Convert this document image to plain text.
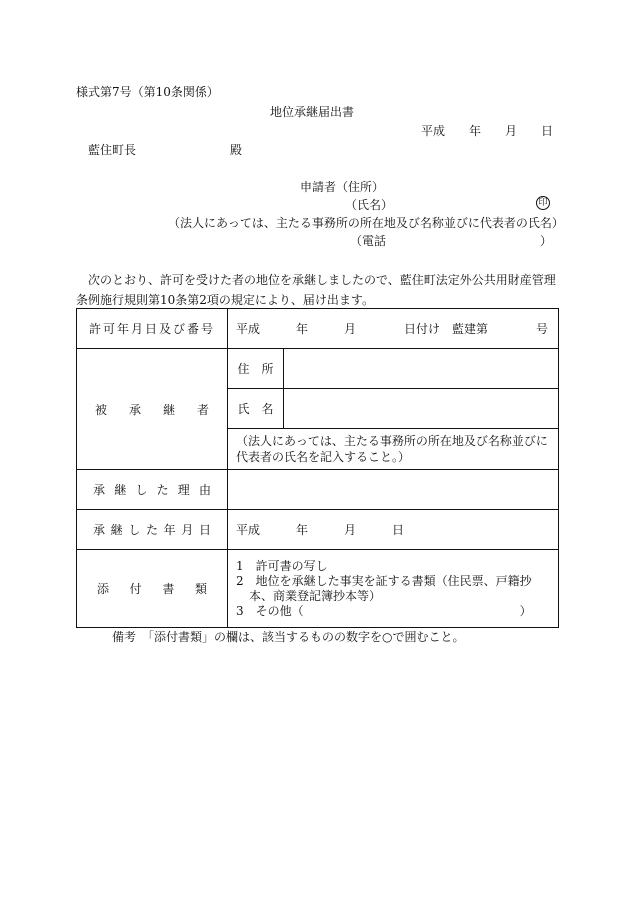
様式第7号（第10条関係）
地位承継届出書
平成　　年　　月　　日
藍住町長	殿
申請者（住所）
（氏名）	印
（法人にあっては、主たる事務所の所在地及び名称並びに代表者の氏名）
（電話	）
　次のとおり、許可を受けた者の地位を承継しましたので、藍住町法定外公共用財産管理条例施行規則第10条第2項の規定により、届け出ます。
許可年月日及び番号	平成　　　年　　　月　　　　日付け　藍建第　　　　号	

被　承　継　者	住　所	
	氏　名	
	（法人にあっては、主たる事務所の所在地及び名称並びに代表者の氏名を記入すること。）	

承 継 し た 理 由		

承 継 し た 年 月 日	平成　　　年　　　月　　　日	

添　付　書　類	1　許可書の写し
2　地位を承継した事実を証する書類（住民票、戸籍抄本、商業登記簿抄本等）
3　その他（　　　　　　　　　　　　　　　　　　）	
備考　「添付書類」の欄は、該当するものの数字を○で囲むこと。
